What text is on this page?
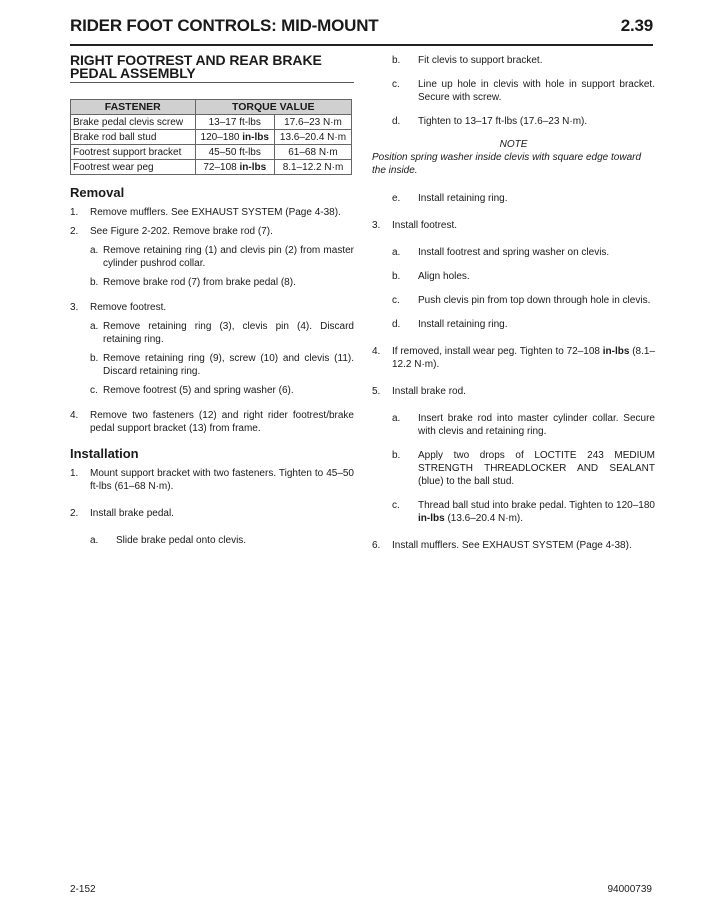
RIDER FOOT CONTROLS: MID-MOUNT	2.39
RIGHT FOOTREST AND REAR BRAKE
PEDAL ASSEMBLY
FASTENER	TORQUE VALUE	
Brake pedal clevis screw	13–17 ft-lbs	17.6–23 N·m
Brake rod ball stud	120–180 in-lbs	13.6–20.4 N·m
Footrest support bracket	45–50 ft-lbs	61–68 N·m
Footrest wear peg	72–108 in-lbs	8.1–12.2 N·m
Removal
1.	Remove mufflers. See EXHAUST SYSTEM (Page 4-38).
2.	See Figure 2-202. Remove brake rod (7).
a. Remove retaining ring (1) and clevis pin (2) from master cylinder pushrod collar.
b. Remove brake rod (7) from brake pedal (8).
3.	Remove footrest.
a. Remove retaining ring (3), clevis pin (4). Discard retaining ring.
b. Remove retaining ring (9), screw (10) and clevis (11). Discard retaining ring.
c. Remove footrest (5) and spring washer (6).
4.	Remove two fasteners (12) and right rider footrest/brake pedal support bracket (13) from frame.
Installation
1.	Mount support bracket with two fasteners. Tighten to 45–50 ft-lbs (61–68 N·m).
2.	Install brake pedal.
a.	Slide brake pedal onto clevis.
b.	Fit clevis to support bracket.
c.	Line up hole in clevis with hole in support bracket. Secure with screw.
d.	Tighten to 13–17 ft-lbs (17.6–23 N·m).
NOTE
Position spring washer inside clevis with square edge toward the inside.
e.	Install retaining ring.
3.	Install footrest.
a.	Install footrest and spring washer on clevis.
b.	Align holes.
c.	Push clevis pin from top down through hole in clevis.
d.	Install retaining ring.
4.	If removed, install wear peg. Tighten to 72–108 in-lbs (8.1–12.2 N·m).
5.	Install brake rod.
a.	Insert brake rod into master cylinder collar. Secure with clevis and retaining ring.
b.	Apply two drops of LOCTITE 243 MEDIUM STRENGTH THREADLOCKER AND SEALANT (blue) to the ball stud.
c.	Thread ball stud into brake pedal. Tighten to 120–180 in-lbs (13.6–20.4 N·m).
6.	Install mufflers. See EXHAUST SYSTEM (Page 4-38).
2-152	94000739
